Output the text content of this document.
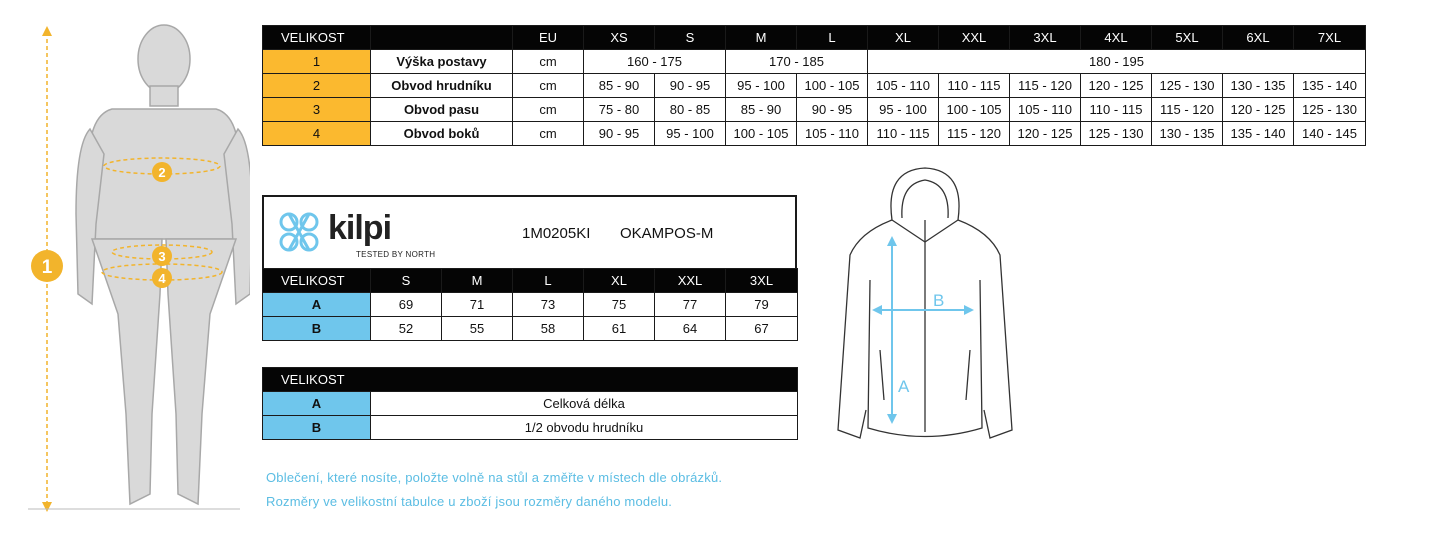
1
2
3
4
VELIKOST		EU	XS	S	M	L	XL	XXL	3XL	4XL	5XL	6XL	7XL
1	Výška postavy	cm	160 - 175		170 - 185		180 - 195						
2	Obvod hrudníku	cm	85 - 90	90 - 95	95 - 100	100 - 105	105 - 110	110 - 115	115 - 120	120 - 125	125 - 130	130 - 135	135 - 140
3	Obvod pasu	cm	75 - 80	80 - 85	85 - 90	90 - 95	95 - 100	100 - 105	105 - 110	110 - 115	115 - 120	120 - 125	125 - 130
4	Obvod boků	cm	90 - 95	95 - 100	100 - 105	105 - 110	110 - 115	115 - 120	120 - 125	125 - 130	130 - 135	135 - 140	140 - 145
kilpi
TESTED BY NORTH
1M0205KI OKAMPOS-M
VELIKOST	S	M	L	XL	XXL	3XL
A	69	71	73	75	77	79
B	52	55	58	61	64	67
VELIKOST	
A	Celková délka
B	1/2 obvodu hrudníku
A
B
Oblečení, které nosíte, položte volně na stůl a změřte v místech dle obrázků.
Rozměry ve velikostní tabulce u zboží jsou rozměry daného modelu.
